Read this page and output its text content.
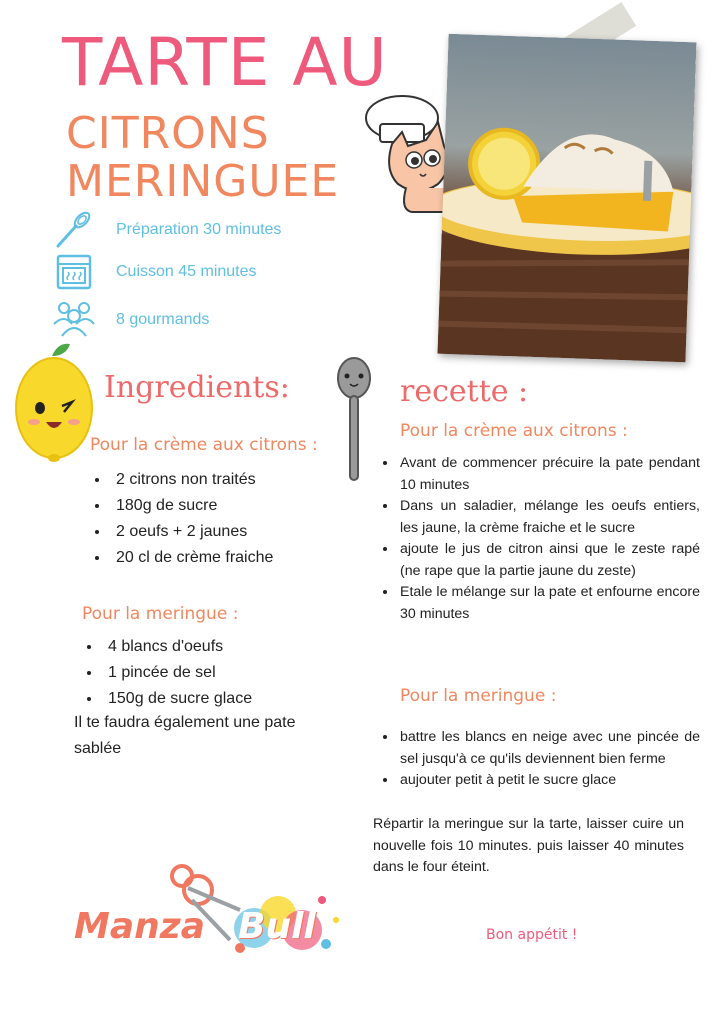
TARTE AU
CITRONS
MERINGUEE
Préparation 30 minutes
Cuisson 45 minutes
8 gourmands
Ingredients:
Pour la crème aux citrons :
• 2 citrons non traités
• 180g de sucre
• 2 oeufs + 2 jaunes
• 20 cl de crème fraiche
Pour la meringue :
• 4 blancs d'oeufs
• 1 pincée de sel
• 150g de sucre glace
Il te faudra également une pate sablée
recette :
Pour la crème aux citrons :
• Avant de commencer précuire la pate pendant 10 minutes
• Dans un saladier, mélange les oeufs entiers, les jaune, la crème fraiche et le sucre
• ajoute le jus de citron ainsi que le zeste rapé (ne rape que la partie jaune du zeste)
• Etale le mélange sur la pate et enfourne encore 30 minutes
Pour la meringue :
• battre les blancs en neige avec une pincée de sel jusqu'à ce qu'ils deviennent bien ferme
• aujouter petit à petit le sucre glace
Répartir la meringue sur la tarte, laisser cuire un nouvelle fois 10 minutes. puis laisser 40 minutes dans le four éteint.
Manza Bull	Bon appétit !
